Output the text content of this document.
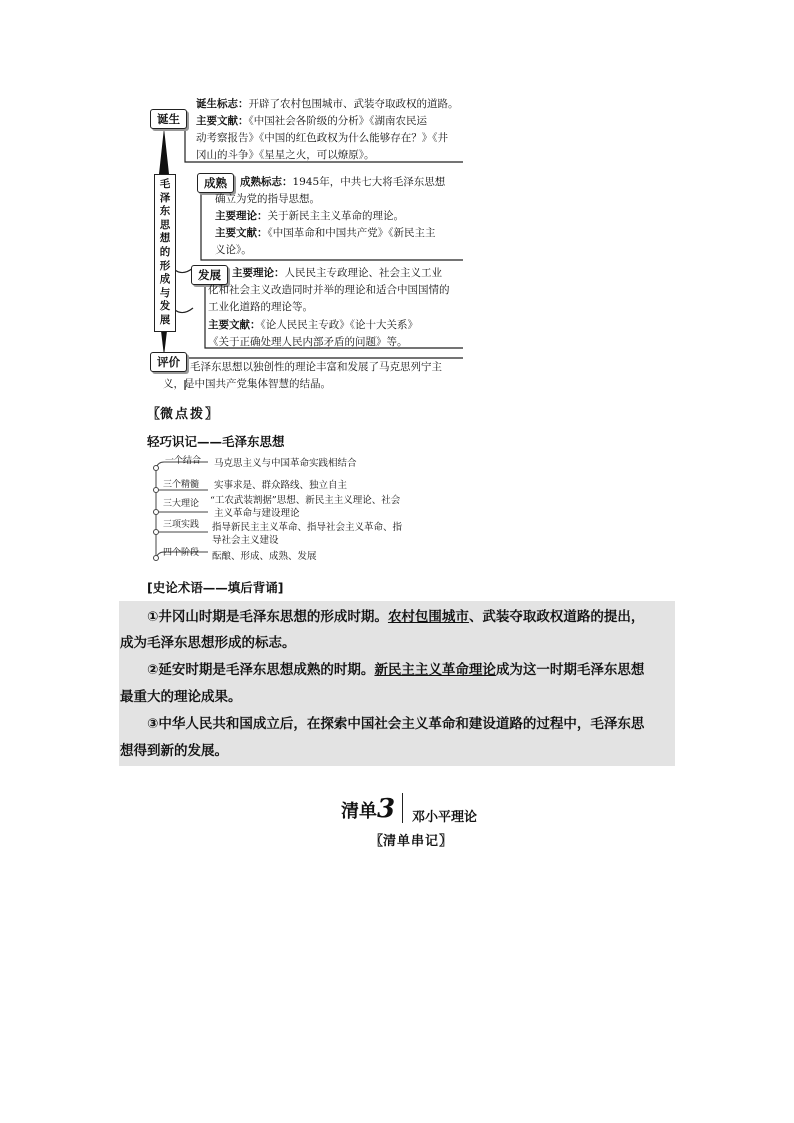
毛
泽
东
思
想
的
形
成
与
发
展
诞生
诞生标志：开辟了农村包围城市、武装夺取政权的道路。
主要文献：《中国社会各阶级的分析》《湖南农民运
动考察报告》《中国的红色政权为什么能够存在？》《井
冈山的斗争》《星星之火，可以燎原》。
成熟	成熟标志：1945年，中共七大将毛泽东思想
确立为党的指导思想。
主要理论：关于新民主主义革命的理论。
主要文献：《中国革命和中国共产党》《新民主主
义论》。
发展	主要理论：人民民主专政理论、社会主义工业
化和社会主义改造同时并举的理论和适合中国国情的
工业化道路的理论等。
主要文献：《论人民民主专政》《论十大关系》
《关于正确处理人民内部矛盾的问题》等。
评价 毛泽东思想以独创性的理论丰富和发展了马克思列宁主
义，是中国共产党集体智慧的结晶。
〖微点拨〗
轻巧识记——毛泽东思想
一个结合 马克思主义与中国革命实践相结合
三个精髓 实事求是、群众路线、独立自主
三大理论 “工农武装割据”思想、新民主主义理论、社会
主义革命与建设理论
三项实践 指导新民主主义革命、指导社会主义革命、指
导社会主义建设
四个阶段 酝酿、形成、成熟、发展
[史论术语——填后背诵]
①井冈山时期是毛泽东思想的形成时期。农村包围城市、武装夺取政权道路的提出，
成为毛泽东思想形成的标志。
②延安时期是毛泽东思想成熟的时期。新民主主义革命理论成为这一时期毛泽东思想
最重大的理论成果。
③中华人民共和国成立后，在探索中国社会主义革命和建设道路的过程中，毛泽东思
想得到新的发展。
清单3 邓小平理论
〖清单串记〗
